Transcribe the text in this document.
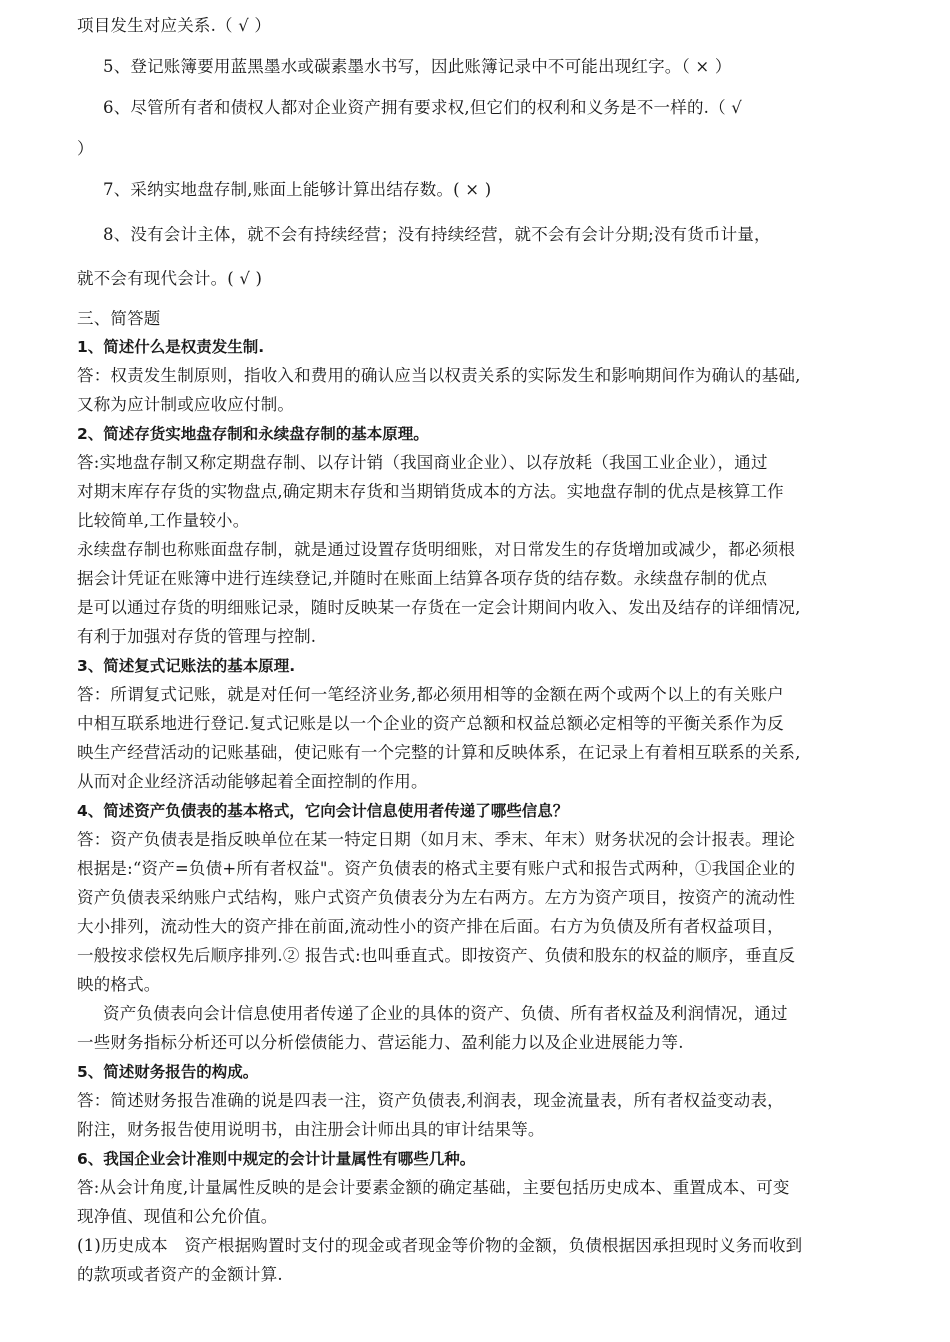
项目发生对应关系.（ √ ）
5、登记账簿要用蓝黑墨水或碳素墨水书写，因此账簿记录中不可能出现红字。（ × ）
6、尽管所有者和债权人都对企业资产拥有要求权,但它们的权利和义务是不一样的.（ √
）
7、采纳实地盘存制,账面上能够计算出结存数。( × )
8、没有会计主体，就不会有持续经营；没有持续经营，就不会有会计分期;没有货币计量，
就不会有现代会计。( √ )
三、简答题
1、简述什么是权责发生制.
答：权责发生制原则，指收入和费用的确认应当以权责关系的实际发生和影响期间作为确认的基础,
又称为应计制或应收应付制。
2、简述存货实地盘存制和永续盘存制的基本原理。
答:实地盘存制又称定期盘存制、以存计销（我国商业企业）、以存放耗（我国工业企业），通过
对期末库存存货的实物盘点,确定期末存货和当期销货成本的方法。实地盘存制的优点是核算工作
比较简单,工作量较小。
永续盘存制也称账面盘存制，就是通过设置存货明细账，对日常发生的存货增加或减少，都必须根
据会计凭证在账簿中进行连续登记,并随时在账面上结算各项存货的结存数。永续盘存制的优点
是可以通过存货的明细账记录，随时反映某一存货在一定会计期间内收入、发出及结存的详细情况,
有利于加强对存货的管理与控制.
3、简述复式记账法的基本原理.
答：所谓复式记账，就是对任何一笔经济业务,都必须用相等的金额在两个或两个以上的有关账户
中相互联系地进行登记.复式记账是以一个企业的资产总额和权益总额必定相等的平衡关系作为反
映生产经营活动的记账基础，使记账有一个完整的计算和反映体系，在记录上有着相互联系的关系,
从而对企业经济活动能够起着全面控制的作用。
4、简述资产负债表的基本格式，它向会计信息使用者传递了哪些信息？
答：资产负债表是指反映单位在某一特定日期（如月末、季末、年末）财务状况的会计报表。理论
根据是:“资产=负债+所有者权益"。资产负债表的格式主要有账户式和报告式两种，①我国企业的
资产负债表采纳账户式结构，账户式资产负债表分为左右两方。左方为资产项目，按资产的流动性
大小排列，流动性大的资产排在前面,流动性小的资产排在后面。右方为负债及所有者权益项目，
一般按求偿权先后顺序排列.② 报告式:也叫垂直式。即按资产、负债和股东的权益的顺序，垂直反
映的格式。
资产负债表向会计信息使用者传递了企业的具体的资产、负债、所有者权益及利润情况，通过
一些财务指标分析还可以分析偿债能力、营运能力、盈利能力以及企业进展能力等.
5、简述财务报告的构成。
答：简述财务报告准确的说是四表一注，资产负债表,利润表，现金流量表，所有者权益变动表，
附注，财务报告使用说明书，由注册会计师出具的审计结果等。
6、我国企业会计准则中规定的会计计量属性有哪些几种。
答:从会计角度,计量属性反映的是会计要素金额的确定基础，主要包括历史成本、重置成本、可变
现净值、现值和公允价值。
(1)历史成本　资产根据购置时支付的现金或者现金等价物的金额，负债根据因承担现时义务而收到
的款项或者资产的金额计算.
